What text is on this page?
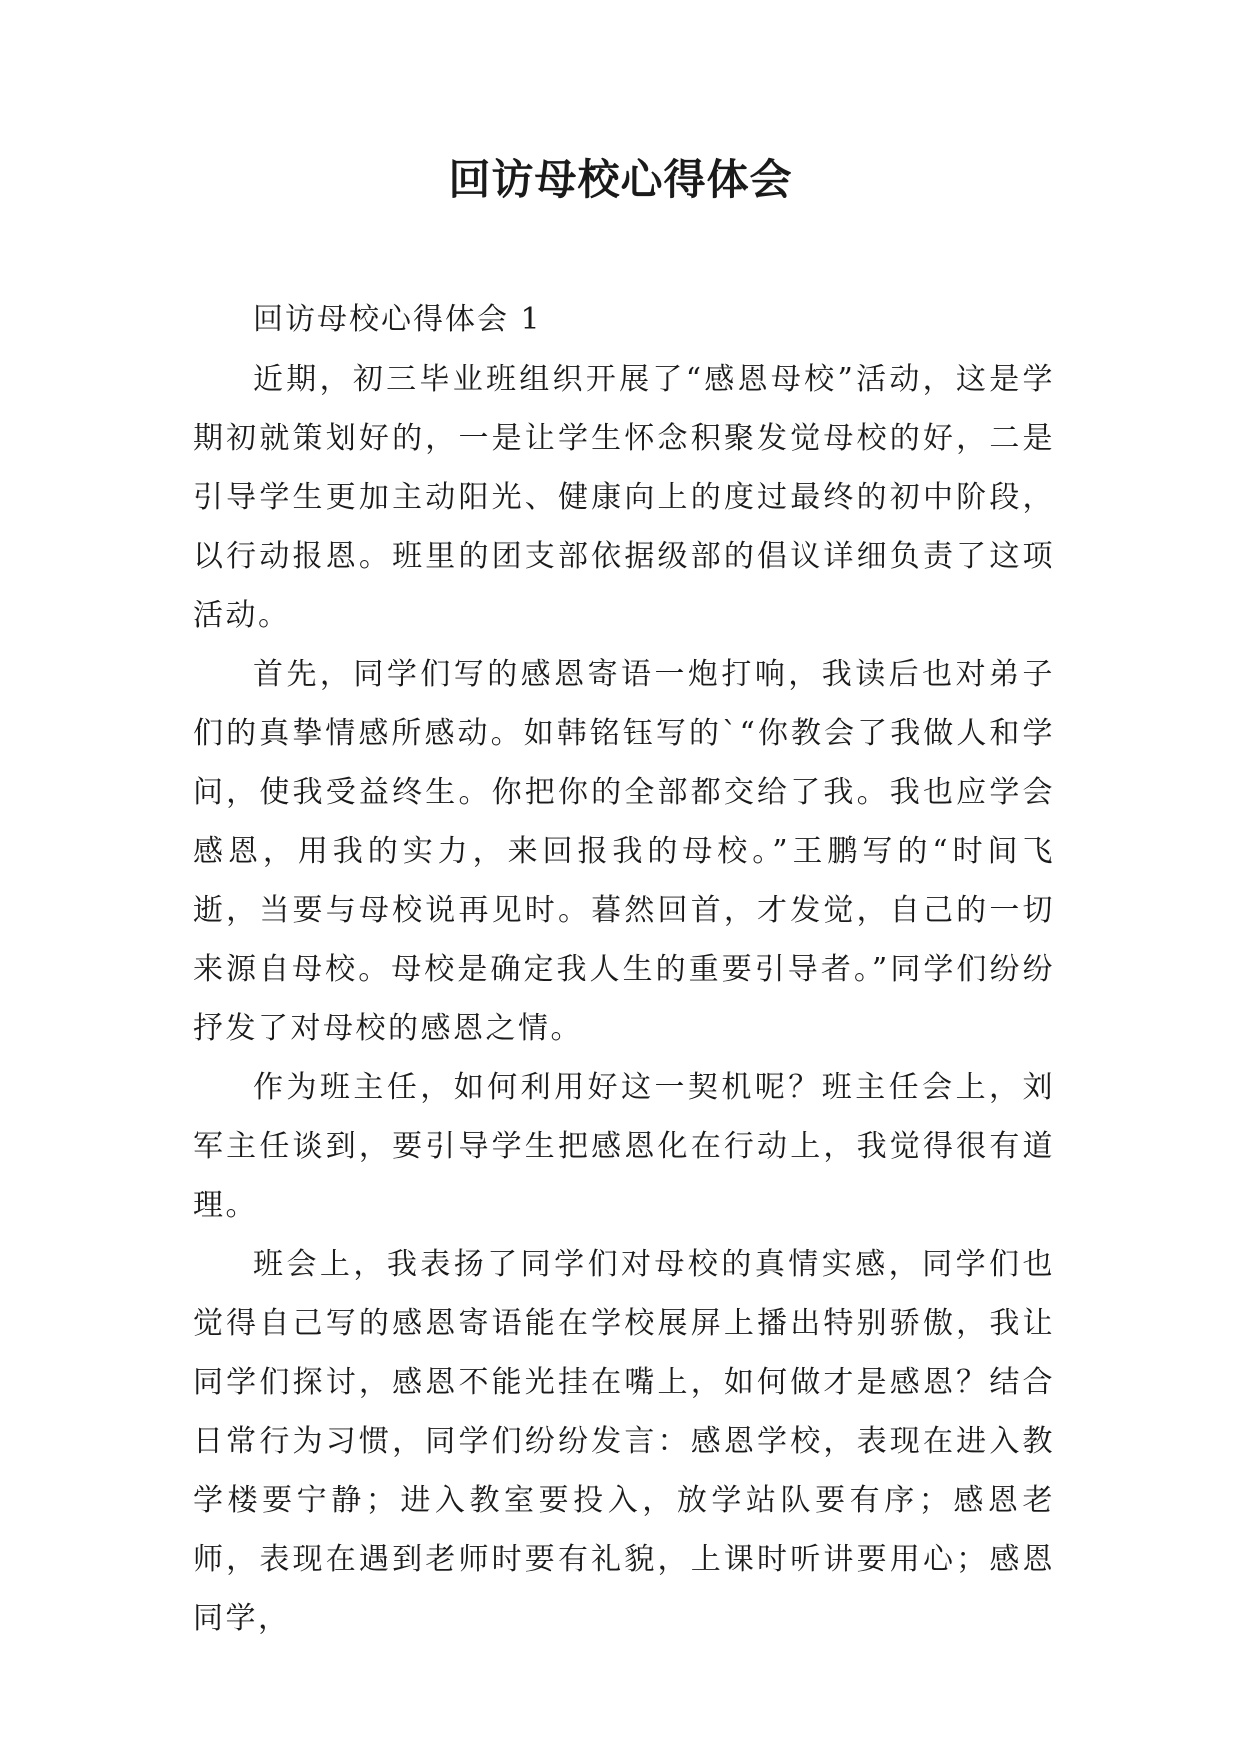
回访母校心得体会

回访母校心得体会 1

近期，初三毕业班组织开展了“感恩母校”活动，这是学期初就策划好的，一是让学生怀念积聚发觉母校的好，二是引导学生更加主动阳光、健康向上的度过最终的初中阶段，以行动报恩。班里的团支部依据级部的倡议详细负责了这项活动。

首先，同学们写的感恩寄语一炮打响，我读后也对弟子们的真挚情感所感动。如韩铭钰写的`“你教会了我做人和学问，使我受益终生。你把你的全部都交给了我。我也应学会感恩，用我的实力，来回报我的母校。”王鹏写的“时间飞逝，当要与母校说再见时。暮然回首，才发觉，自己的一切来源自母校。母校是确定我人生的重要引导者。”同学们纷纷抒发了对母校的感恩之情。

作为班主任，如何利用好这一契机呢？班主任会上，刘军主任谈到，要引导学生把感恩化在行动上，我觉得很有道理。

班会上，我表扬了同学们对母校的真情实感，同学们也觉得自己写的感恩寄语能在学校展屏上播出特别骄傲，我让同学们探讨，感恩不能光挂在嘴上，如何做才是感恩？结合日常行为习惯，同学们纷纷发言：感恩学校，表现在进入教学楼要宁静；进入教室要投入，放学站队要有序；感恩老师，表现在遇到老师时要有礼貌，上课时听讲要用心；感恩同学，
